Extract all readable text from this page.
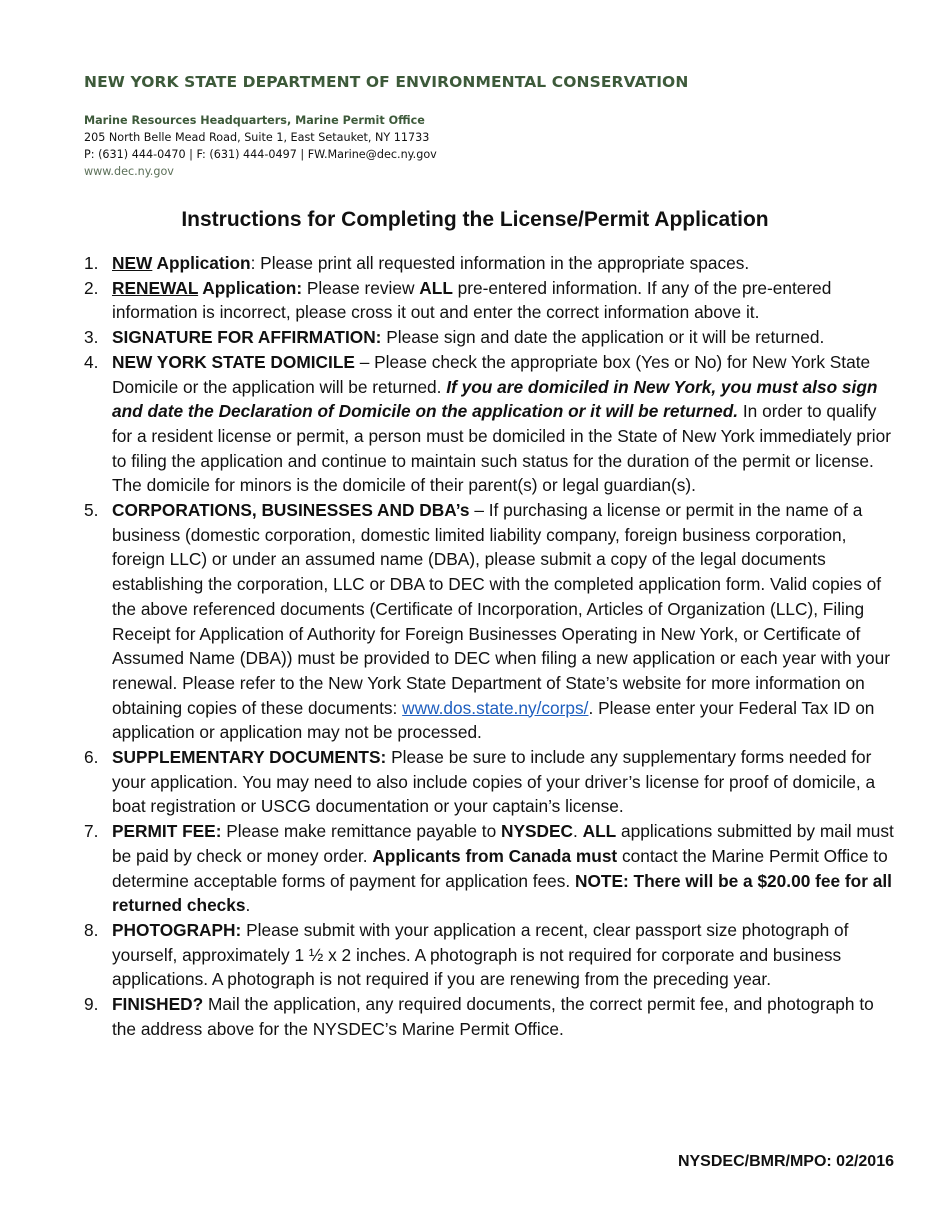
NEW YORK STATE DEPARTMENT OF ENVIRONMENTAL CONSERVATION
Marine Resources Headquarters, Marine Permit Office
205 North Belle Mead Road, Suite 1, East Setauket, NY 11733
P: (631) 444-0470 | F: (631) 444-0497 | FW.Marine@dec.ny.gov
www.dec.ny.gov
Instructions for Completing the License/Permit Application
1. NEW Application: Please print all requested information in the appropriate spaces.
2. RENEWAL Application: Please review ALL pre-entered information. If any of the pre-entered information is incorrect, please cross it out and enter the correct information above it.
3. SIGNATURE FOR AFFIRMATION: Please sign and date the application or it will be returned.
4. NEW YORK STATE DOMICILE – Please check the appropriate box (Yes or No) for New York State Domicile or the application will be returned. If you are domiciled in New York, you must also sign and date the Declaration of Domicile on the application or it will be returned. In order to qualify for a resident license or permit, a person must be domiciled in the State of New York immediately prior to filing the application and continue to maintain such status for the duration of the permit or license. The domicile for minors is the domicile of their parent(s) or legal guardian(s).
5. CORPORATIONS, BUSINESSES AND DBA’s – If purchasing a license or permit in the name of a business (domestic corporation, domestic limited liability company, foreign business corporation, foreign LLC) or under an assumed name (DBA), please submit a copy of the legal documents establishing the corporation, LLC or DBA to DEC with the completed application form. Valid copies of the above referenced documents (Certificate of Incorporation, Articles of Organization (LLC), Filing Receipt for Application of Authority for Foreign Businesses Operating in New York, or Certificate of Assumed Name (DBA)) must be provided to DEC when filing a new application or each year with your renewal. Please refer to the New York State Department of State’s website for more information on obtaining copies of these documents: www.dos.state.ny/corps/. Please enter your Federal Tax ID on application or application may not be processed.
6. SUPPLEMENTARY DOCUMENTS: Please be sure to include any supplementary forms needed for your application. You may need to also include copies of your driver’s license for proof of domicile, a boat registration or USCG documentation or your captain’s license.
7. PERMIT FEE: Please make remittance payable to NYSDEC. ALL applications submitted by mail must be paid by check or money order. Applicants from Canada must contact the Marine Permit Office to determine acceptable forms of payment for application fees. NOTE: There will be a $20.00 fee for all returned checks.
8. PHOTOGRAPH: Please submit with your application a recent, clear passport size photograph of yourself, approximately 1 ½ x 2 inches. A photograph is not required for corporate and business applications. A photograph is not required if you are renewing from the preceding year.
9. FINISHED? Mail the application, any required documents, the correct permit fee, and photograph to the address above for the NYSDEC’s Marine Permit Office.
NYSDEC/BMR/MPO: 02/2016
